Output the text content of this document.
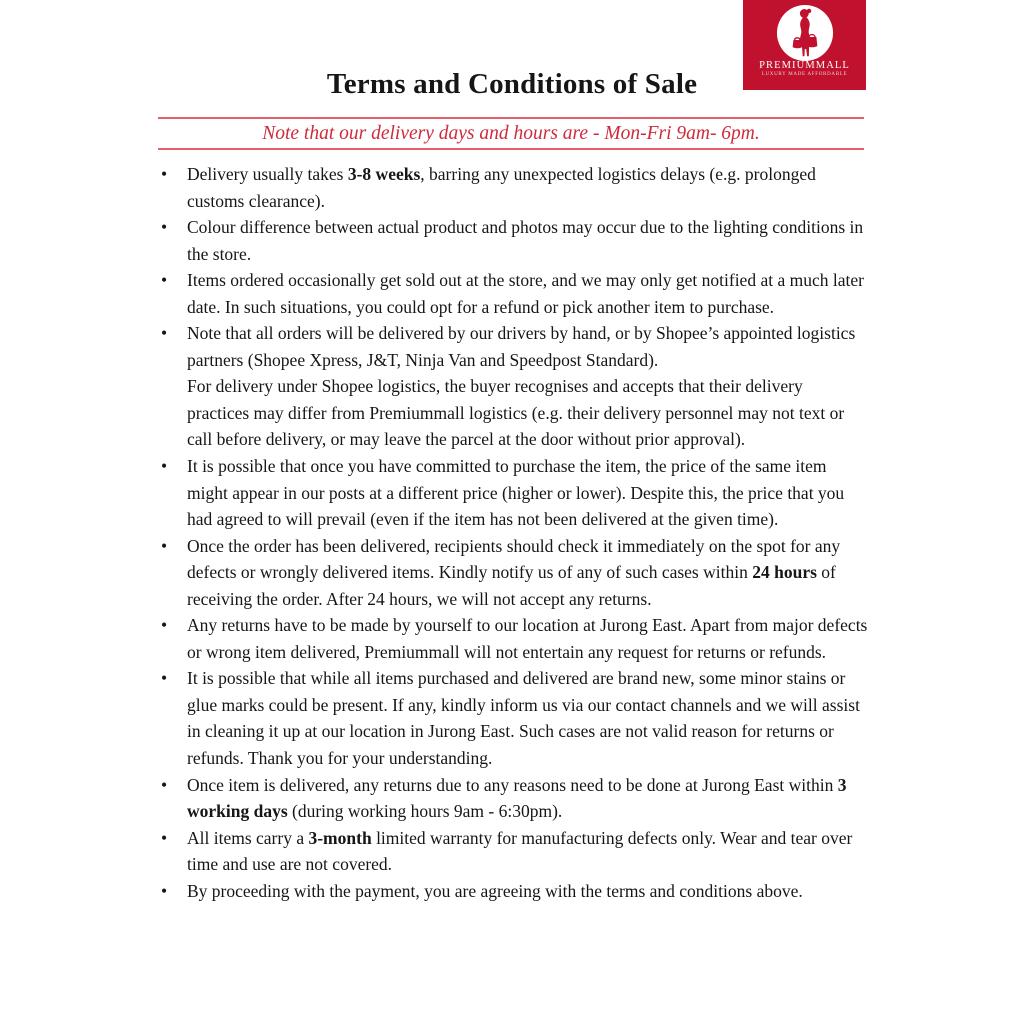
Terms and Conditions of Sale
PREMIUMMALL
LUXURY MADE AFFORDABLE
Note that our delivery days and hours are - Mon-Fri 9am- 6pm.
• Delivery usually takes 3-8 weeks, barring any unexpected logistics delays (e.g. prolonged customs clearance).
• Colour difference between actual product and photos may occur due to the lighting conditions in the store.
• Items ordered occasionally get sold out at the store, and we may only get notified at a much later date. In such situations, you could opt for a refund or pick another item to purchase.
• Note that all orders will be delivered by our drivers by hand, or by Shopee’s appointed logistics partners (Shopee Xpress, J&T, Ninja Van and Speedpost Standard).
For delivery under Shopee logistics, the buyer recognises and accepts that their delivery practices may differ from Premiummall logistics (e.g. their delivery personnel may not text or call before delivery, or may leave the parcel at the door without prior approval).
• It is possible that once you have committed to purchase the item, the price of the same item might appear in our posts at a different price (higher or lower). Despite this, the price that you had agreed to will prevail (even if the item has not been delivered at the given time).
• Once the order has been delivered, recipients should check it immediately on the spot for any defects or wrongly delivered items. Kindly notify us of any of such cases within 24 hours of receiving the order. After 24 hours, we will not accept any returns.
• Any returns have to be made by yourself to our location at Jurong East. Apart from major defects or wrong item delivered, Premiummall will not entertain any request for returns or refunds.
• It is possible that while all items purchased and delivered are brand new, some minor stains or glue marks could be present. If any, kindly inform us via our contact channels and we will assist in cleaning it up at our location in Jurong East. Such cases are not valid reason for returns or refunds. Thank you for your understanding.
• Once item is delivered, any returns due to any reasons need to be done at Jurong East within 3 working days (during working hours 9am - 6:30pm).
• All items carry a 3-month limited warranty for manufacturing defects only. Wear and tear over time and use are not covered.
• By proceeding with the payment, you are agreeing with the terms and conditions above.
